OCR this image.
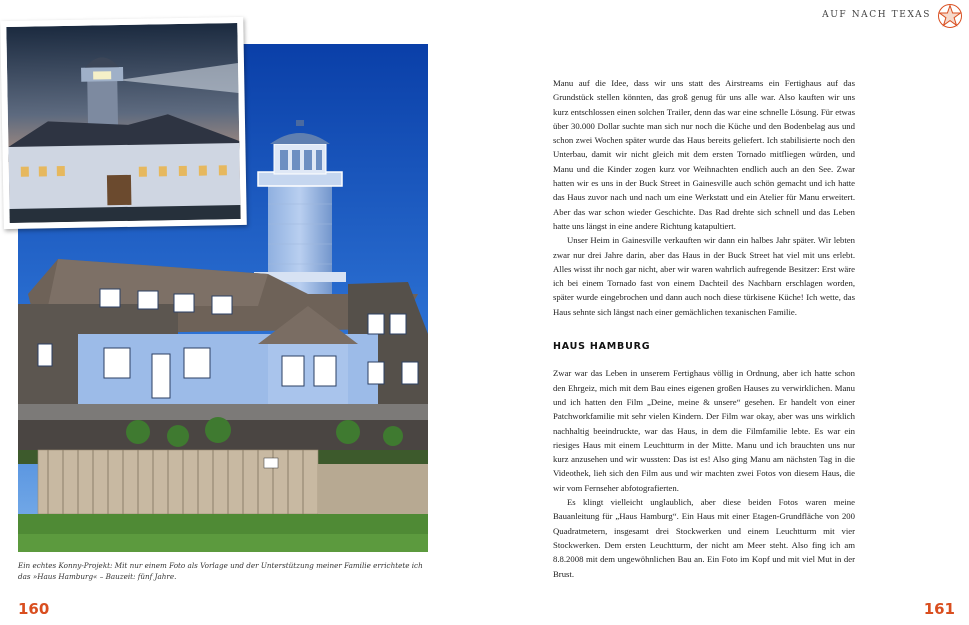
AUF NACH TEXAS
Ein echtes Konny-Projekt: Mit nur einem Foto als Vorlage und der Unterstützung meiner Familie errichtete ich das »Haus Hamburg« – Bauzeit: fünf Jahre.
160	161

Manu auf die Idee, dass wir uns statt des Airstreams ein Fertighaus auf das Grundstück stellen könnten, das groß genug für uns alle war. Also kauften wir uns kurz entschlossen einen solchen Trailer, denn das war eine schnelle Lösung. Für etwas über 30.000 Dollar suchte man sich nur noch die Küche und den Bodenbelag aus und schon zwei Wochen später wurde das Haus bereits geliefert. Ich stabilisierte noch den Unterbau, damit wir nicht gleich mit dem ersten Tornado mitfliegen würden, und Manu und die Kinder zogen kurz vor Weihnachten endlich auch an den See. Zwar hatten wir es uns in der Buck Street in Gainesville auch schön gemacht und ich hatte das Haus zuvor nach und nach um eine Werkstatt und ein Atelier für Manu erweitert. Aber das war schon wieder Geschichte. Das Rad drehte sich schnell und das Leben hatte uns längst in eine andere Richtung katapultiert.

Unser Heim in Gainesville verkauften wir dann ein halbes Jahr später. Wir lebten zwar nur drei Jahre darin, aber das Haus in der Buck Street hat viel mit uns erlebt. Alles wisst ihr noch gar nicht, aber wir waren wahrlich aufregende Besitzer: Erst wäre ich bei einem Tornado fast von einem Dachteil des Nachbarn erschlagen worden, später wurde eingebrochen und dann auch noch diese türkisene Küche! Ich wette, das Haus sehnte sich längst nach einer gemächlichen texanischen Familie.

HAUS HAMBURG

Zwar war das Leben in unserem Fertighaus völlig in Ordnung, aber ich hatte schon den Ehrgeiz, mich mit dem Bau eines eigenen großen Hauses zu verwirklichen. Manu und ich hatten den Film „Deine, meine & unsere“ gesehen. Er handelt von einer Patchworkfamilie mit sehr vielen Kindern. Der Film war okay, aber was uns wirklich nachhaltig beeindruckte, war das Haus, in dem die Filmfamilie lebte. Es war ein riesiges Haus mit einem Leuchtturm in der Mitte. Manu und ich brauchten uns nur kurz anzusehen und wir wussten: Das ist es! Also ging Manu am nächsten Tag in die Videothek, lieh sich den Film aus und wir machten zwei Fotos von diesem Haus, die wir vom Fernseher abfotografierten.

Es klingt vielleicht unglaublich, aber diese beiden Fotos waren meine Bauanleitung für „Haus Hamburg“. Ein Haus mit einer Etagen-Grundfläche von 200 Quadratmetern, insgesamt drei Stockwerken und einem Leuchtturm mit vier Stockwerken. Dem ersten Leuchtturm, der nicht am Meer steht. Also fing ich am 8.8.2008 mit dem ungewöhnlichen Bau an. Ein Foto im Kopf und mit viel Mut in der Brust.
